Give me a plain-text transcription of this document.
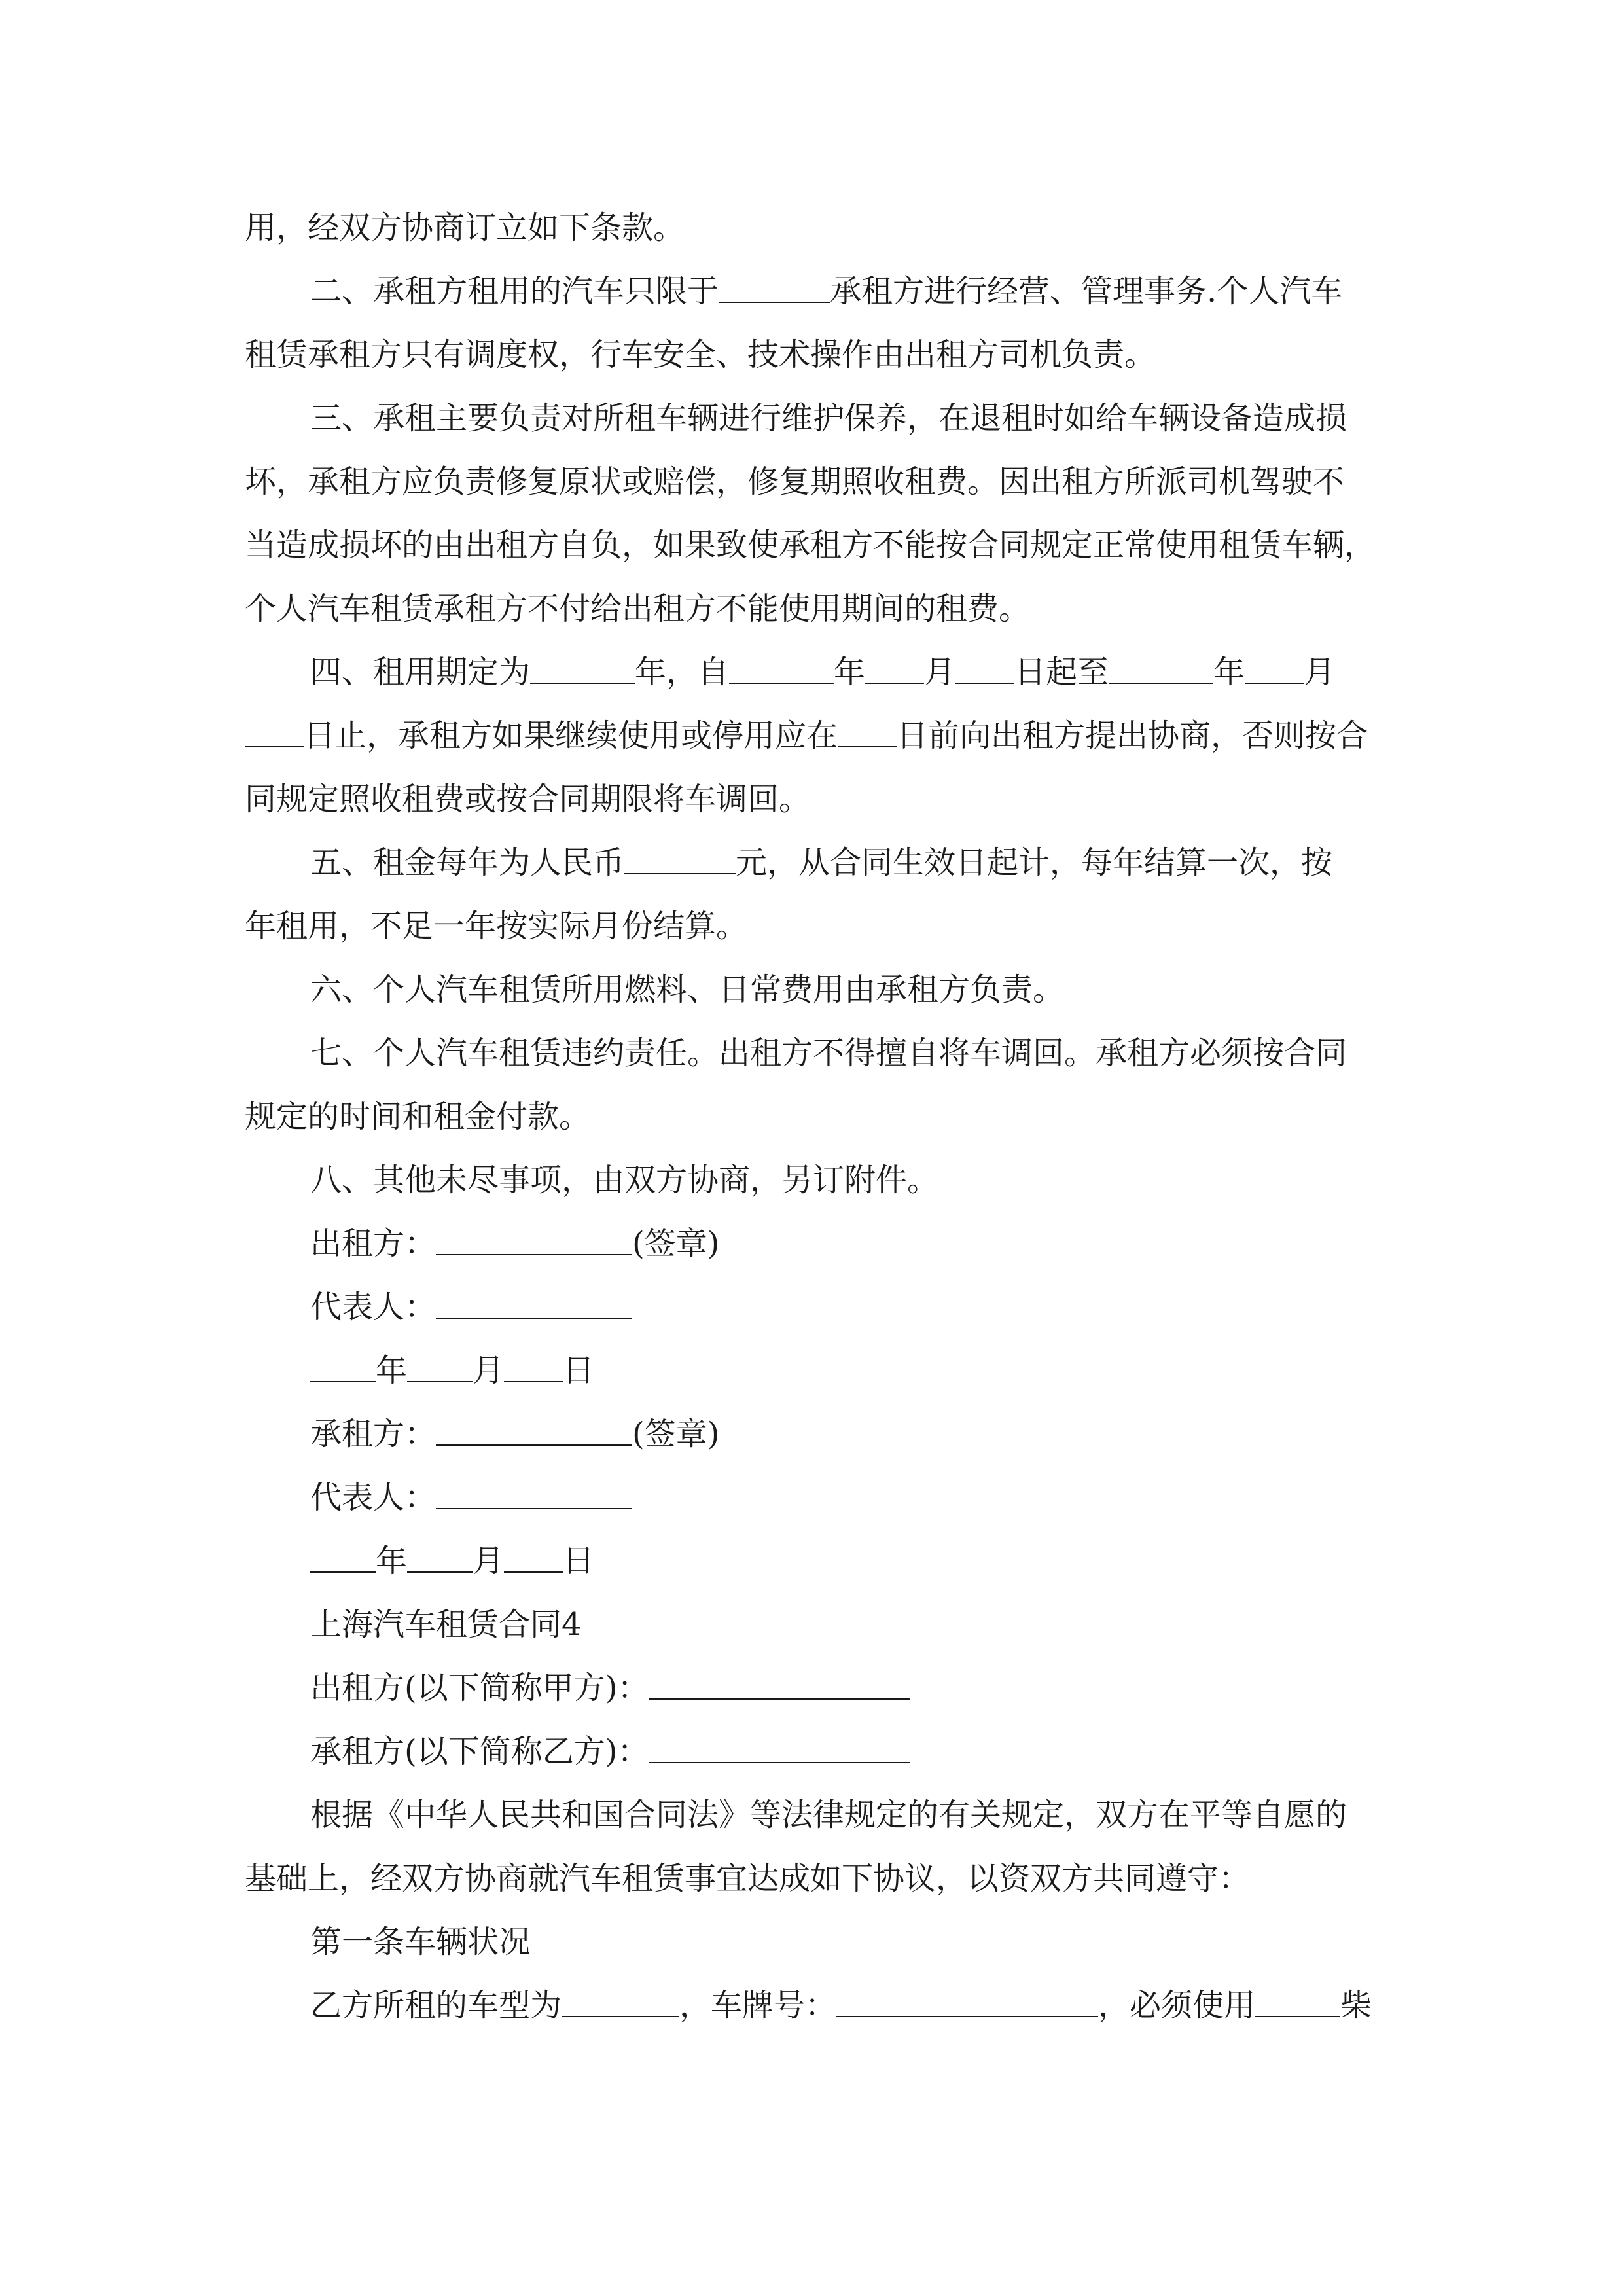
用，经双方协商订立如下条款。

二、承租方租用的汽车只限于	承租方进行经营、管理事务.个人汽车
租赁承租方只有调度权，行车安全、技术操作由出租方司机负责。

三、承租主要负责对所租车辆进行维护保养，在退租时如给车辆设备造成损
坏，承租方应负责修复原状或赔偿，修复期照收租费。因出租方所派司机驾驶不
当造成损坏的由出租方自负，如果致使承租方不能按合同规定正常使用租赁车辆，
个人汽车租赁承租方不付给出租方不能使用期间的租费。

四、租用期定为	年，自	年 月 日起至	年 月
日止，承租方如果继续使用或停用应在 日前向出租方提出协商，否则按合
同规定照收租费或按合同期限将车调回。

五、租金每年为人民币	元，从合同生效日起计，每年结算一次，按
年租用，不足一年按实际月份结算。

六、个人汽车租赁所用燃料、日常费用由承租方负责。

七、个人汽车租赁违约责任。出租方不得擅自将车调回。承租方必须按合同
规定的时间和租金付款。

八、其他未尽事项，由双方协商，另订附件。

出租方：	(签章)

代表人：

年 月 日

承租方：	(签章)

代表人：

年 月 日

上海汽车租赁合同4

出租方(以下简称甲方)：

承租方(以下简称乙方)：

根据《中华人民共和国合同法》等法律规定的有关规定，双方在平等自愿的
基础上，经双方协商就汽车租赁事宜达成如下协议，以资双方共同遵守：

第一条车辆状况

乙方所租的车型为	，车牌号：	，必须使用	柴
